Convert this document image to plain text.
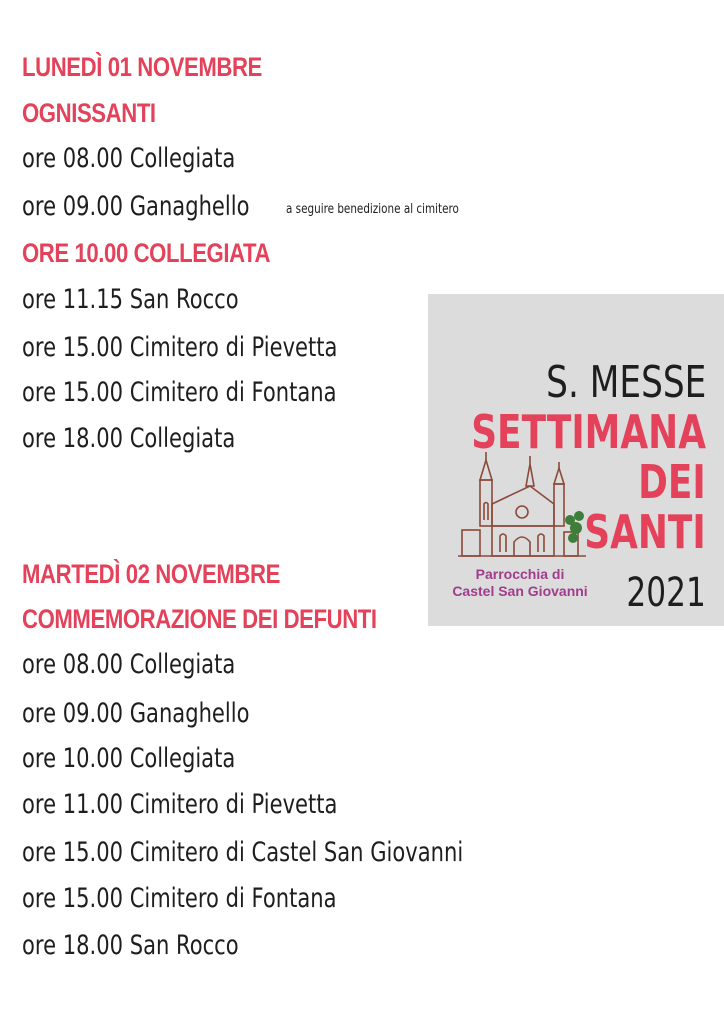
LUNEDÌ 01 NOVEMBRE
OGNISSANTI
ore 08.00 Collegiata
ore 09.00 Ganaghello	a seguire benedizione al cimitero
ORE 10.00 COLLEGIATA
ore 11.15 San Rocco
ore 15.00 Cimitero di Pievetta
ore 15.00 Cimitero di Fontana
ore 18.00 Collegiata
MARTEDÌ 02 NOVEMBRE
COMMEMORAZIONE DEI DEFUNTI
ore 08.00 Collegiata
ore 09.00 Ganaghello
ore 10.00 Collegiata
ore 11.00 Cimitero di Pievetta
ore 15.00 Cimitero di Castel San Giovanni
ore 15.00 Cimitero di Fontana
ore 18.00 San Rocco
S. MESSE
SETTIMANA
DEI
SANTI
2021
Parrocchia di
Castel San Giovanni
